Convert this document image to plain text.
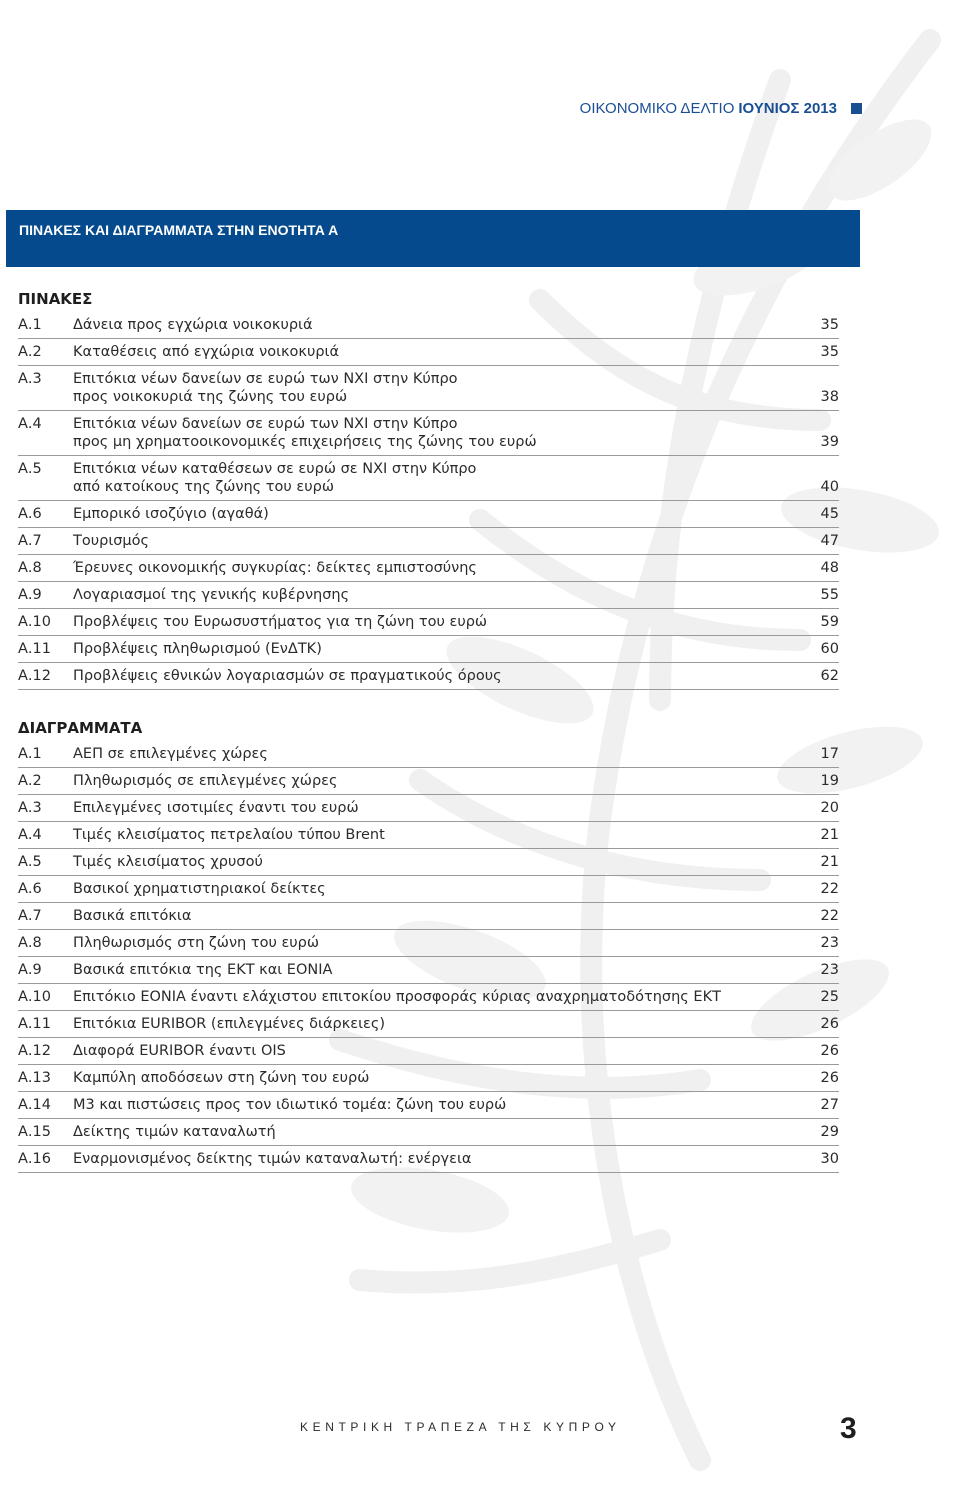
ΟΙΚΟΝΟΜΙΚΟ ΔΕΛΤΙΟ ΙΟΥΝΙΟΣ 2013
ΠΙΝΑΚΕΣ ΚΑΙ ΔΙΑΓΡΑΜΜΑΤΑ ΣΤΗΝ ΕΝΟΤΗΤΑ Α
ΠΙΝΑΚΕΣ
Α.1	Δάνεια προς εγχώρια νοικοκυριά	35
Α.2	Καταθέσεις από εγχώρια νοικοκυριά	35
Α.3	Επιτόκια νέων δανείων σε ευρώ των ΝΧΙ στην Κύπρο
προς νοικοκυριά της ζώνης του ευρώ	38
Α.4	Επιτόκια νέων δανείων σε ευρώ των ΝΧΙ στην Κύπρο
προς μη χρηματοοικονομικές επιχειρήσεις της ζώνης του ευρώ	39
Α.5	Επιτόκια νέων καταθέσεων σε ευρώ σε ΝΧΙ στην Κύπρο
από κατοίκους της ζώνης του ευρώ	40
Α.6	Εμπορικό ισοζύγιο (αγαθά)	45
Α.7	Τουρισμός	47
Α.8	Έρευνες οικονομικής συγκυρίας: δείκτες εμπιστοσύνης	48
Α.9	Λογαριασμοί της γενικής κυβέρνησης	55
Α.10	Προβλέψεις του Ευρωσυστήματος για τη ζώνη του ευρώ	59
Α.11	Προβλέψεις πληθωρισμού (ΕνΔΤΚ)	60
Α.12	Προβλέψεις εθνικών λογαριασμών σε πραγματικούς όρους	62
ΔΙΑΓΡΑΜΜΑΤΑ
Α.1	ΑΕΠ σε επιλεγμένες χώρες	17
Α.2	Πληθωρισμός σε επιλεγμένες χώρες	19
Α.3	Επιλεγμένες ισοτιμίες έναντι του ευρώ	20
Α.4	Τιμές κλεισίματος πετρελαίου τύπου Brent	21
Α.5	Τιμές κλεισίματος χρυσού	21
Α.6	Βασικοί χρηματιστηριακοί δείκτες	22
Α.7	Βασικά επιτόκια	22
Α.8	Πληθωρισμός στη ζώνη του ευρώ	23
Α.9	Βασικά επιτόκια της ΕΚΤ και EONIA	23
Α.10	Επιτόκιο EONIA έναντι ελάχιστου επιτοκίου προσφοράς κύριας αναχρηματοδότησης ΕΚΤ	25
Α.11	Επιτόκια EURIBOR (επιλεγμένες διάρκειες)	26
Α.12	Διαφορά EURIBOR έναντι OIS	26
Α.13	Καμπύλη αποδόσεων στη ζώνη του ευρώ	26
Α.14	M3 και πιστώσεις προς τον ιδιωτικό τομέα: ζώνη του ευρώ	27
Α.15	Δείκτης τιμών καταναλωτή	29
Α.16	Εναρμονισμένος δείκτης τιμών καταναλωτή: ενέργεια	30
ΚΕΝΤΡΙΚΗ ΤΡΑΠΕΖΑ ΤΗΣ ΚΥΠΡΟΥ	3
